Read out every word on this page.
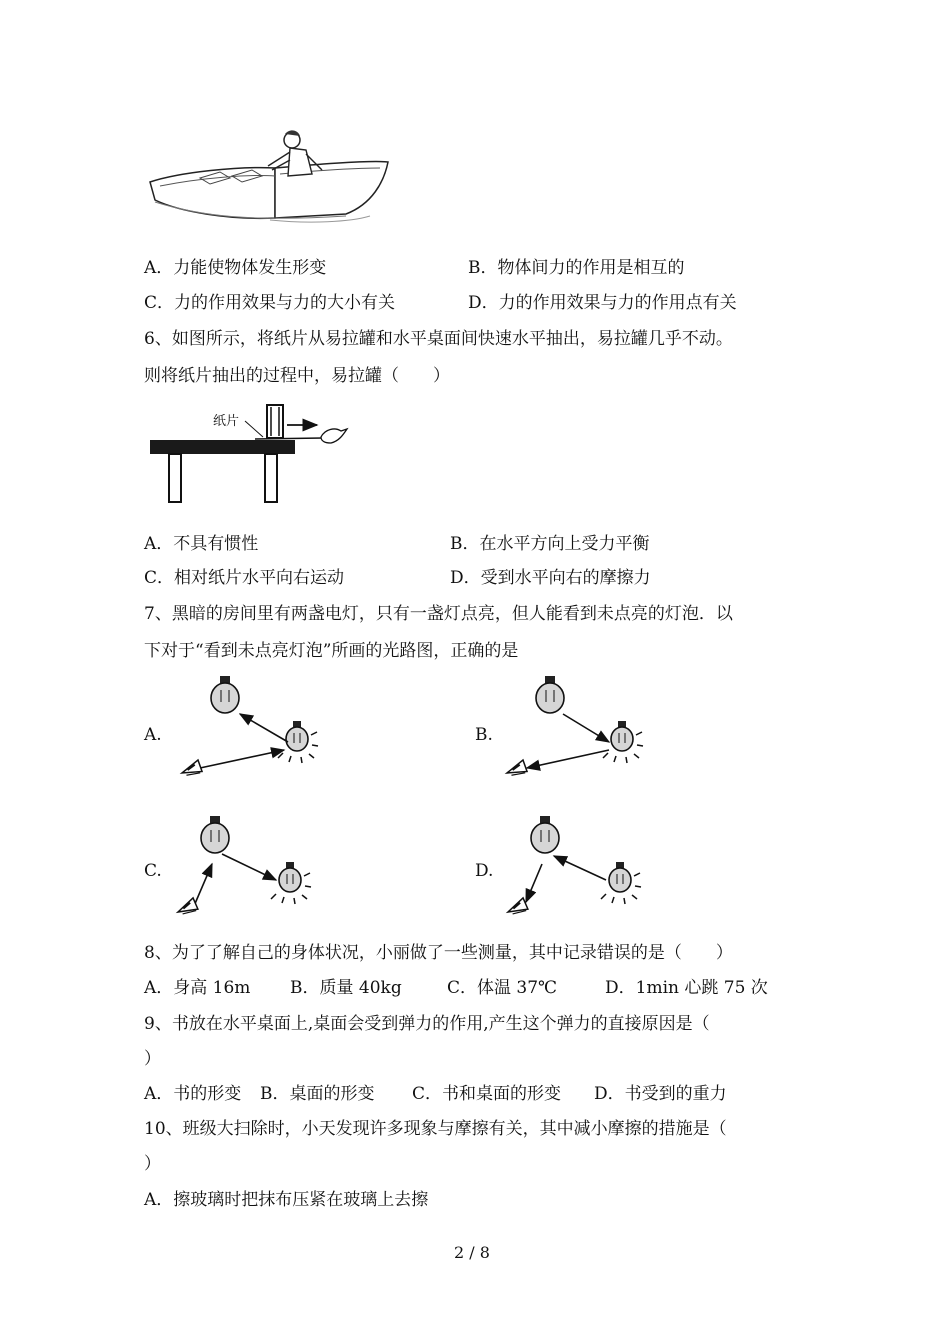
A．力能使物体发生形变	B．物体间力的作用是相互的
C．力的作用效果与力的大小有关	D．力的作用效果与力的作用点有关
6、如图所示，将纸片从易拉罐和水平桌面间快速水平抽出，易拉罐几乎不动。
则将纸片抽出的过程中，易拉罐（　　）
纸片
A．不具有惯性	B．在水平方向上受力平衡
C．相对纸片水平向右运动	D．受到水平向右的摩擦力
7、黑暗的房间里有两盏电灯，只有一盏灯点亮，但人能看到未点亮的灯泡．以
下对于“看到未点亮灯泡”所画的光路图，正确的是
A.	B.
C.	D.
8、为了了解自己的身体状况，小丽做了一些测量，其中记录错误的是（　　）
A．身高 16m B．质量 40kg	C．体温 37℃	D．1min 心跳 75 次
9、书放在水平桌面上,桌面会受到弹力的作用,产生这个弹力的直接原因是（
）
A．书的形变 B．桌面的形变 C．书和桌面的形变 D．书受到的重力
10、班级大扫除时，小天发现许多现象与摩擦有关，其中减小摩擦的措施是（
）
A．擦玻璃时把抹布压紧在玻璃上去擦
2 / 8
